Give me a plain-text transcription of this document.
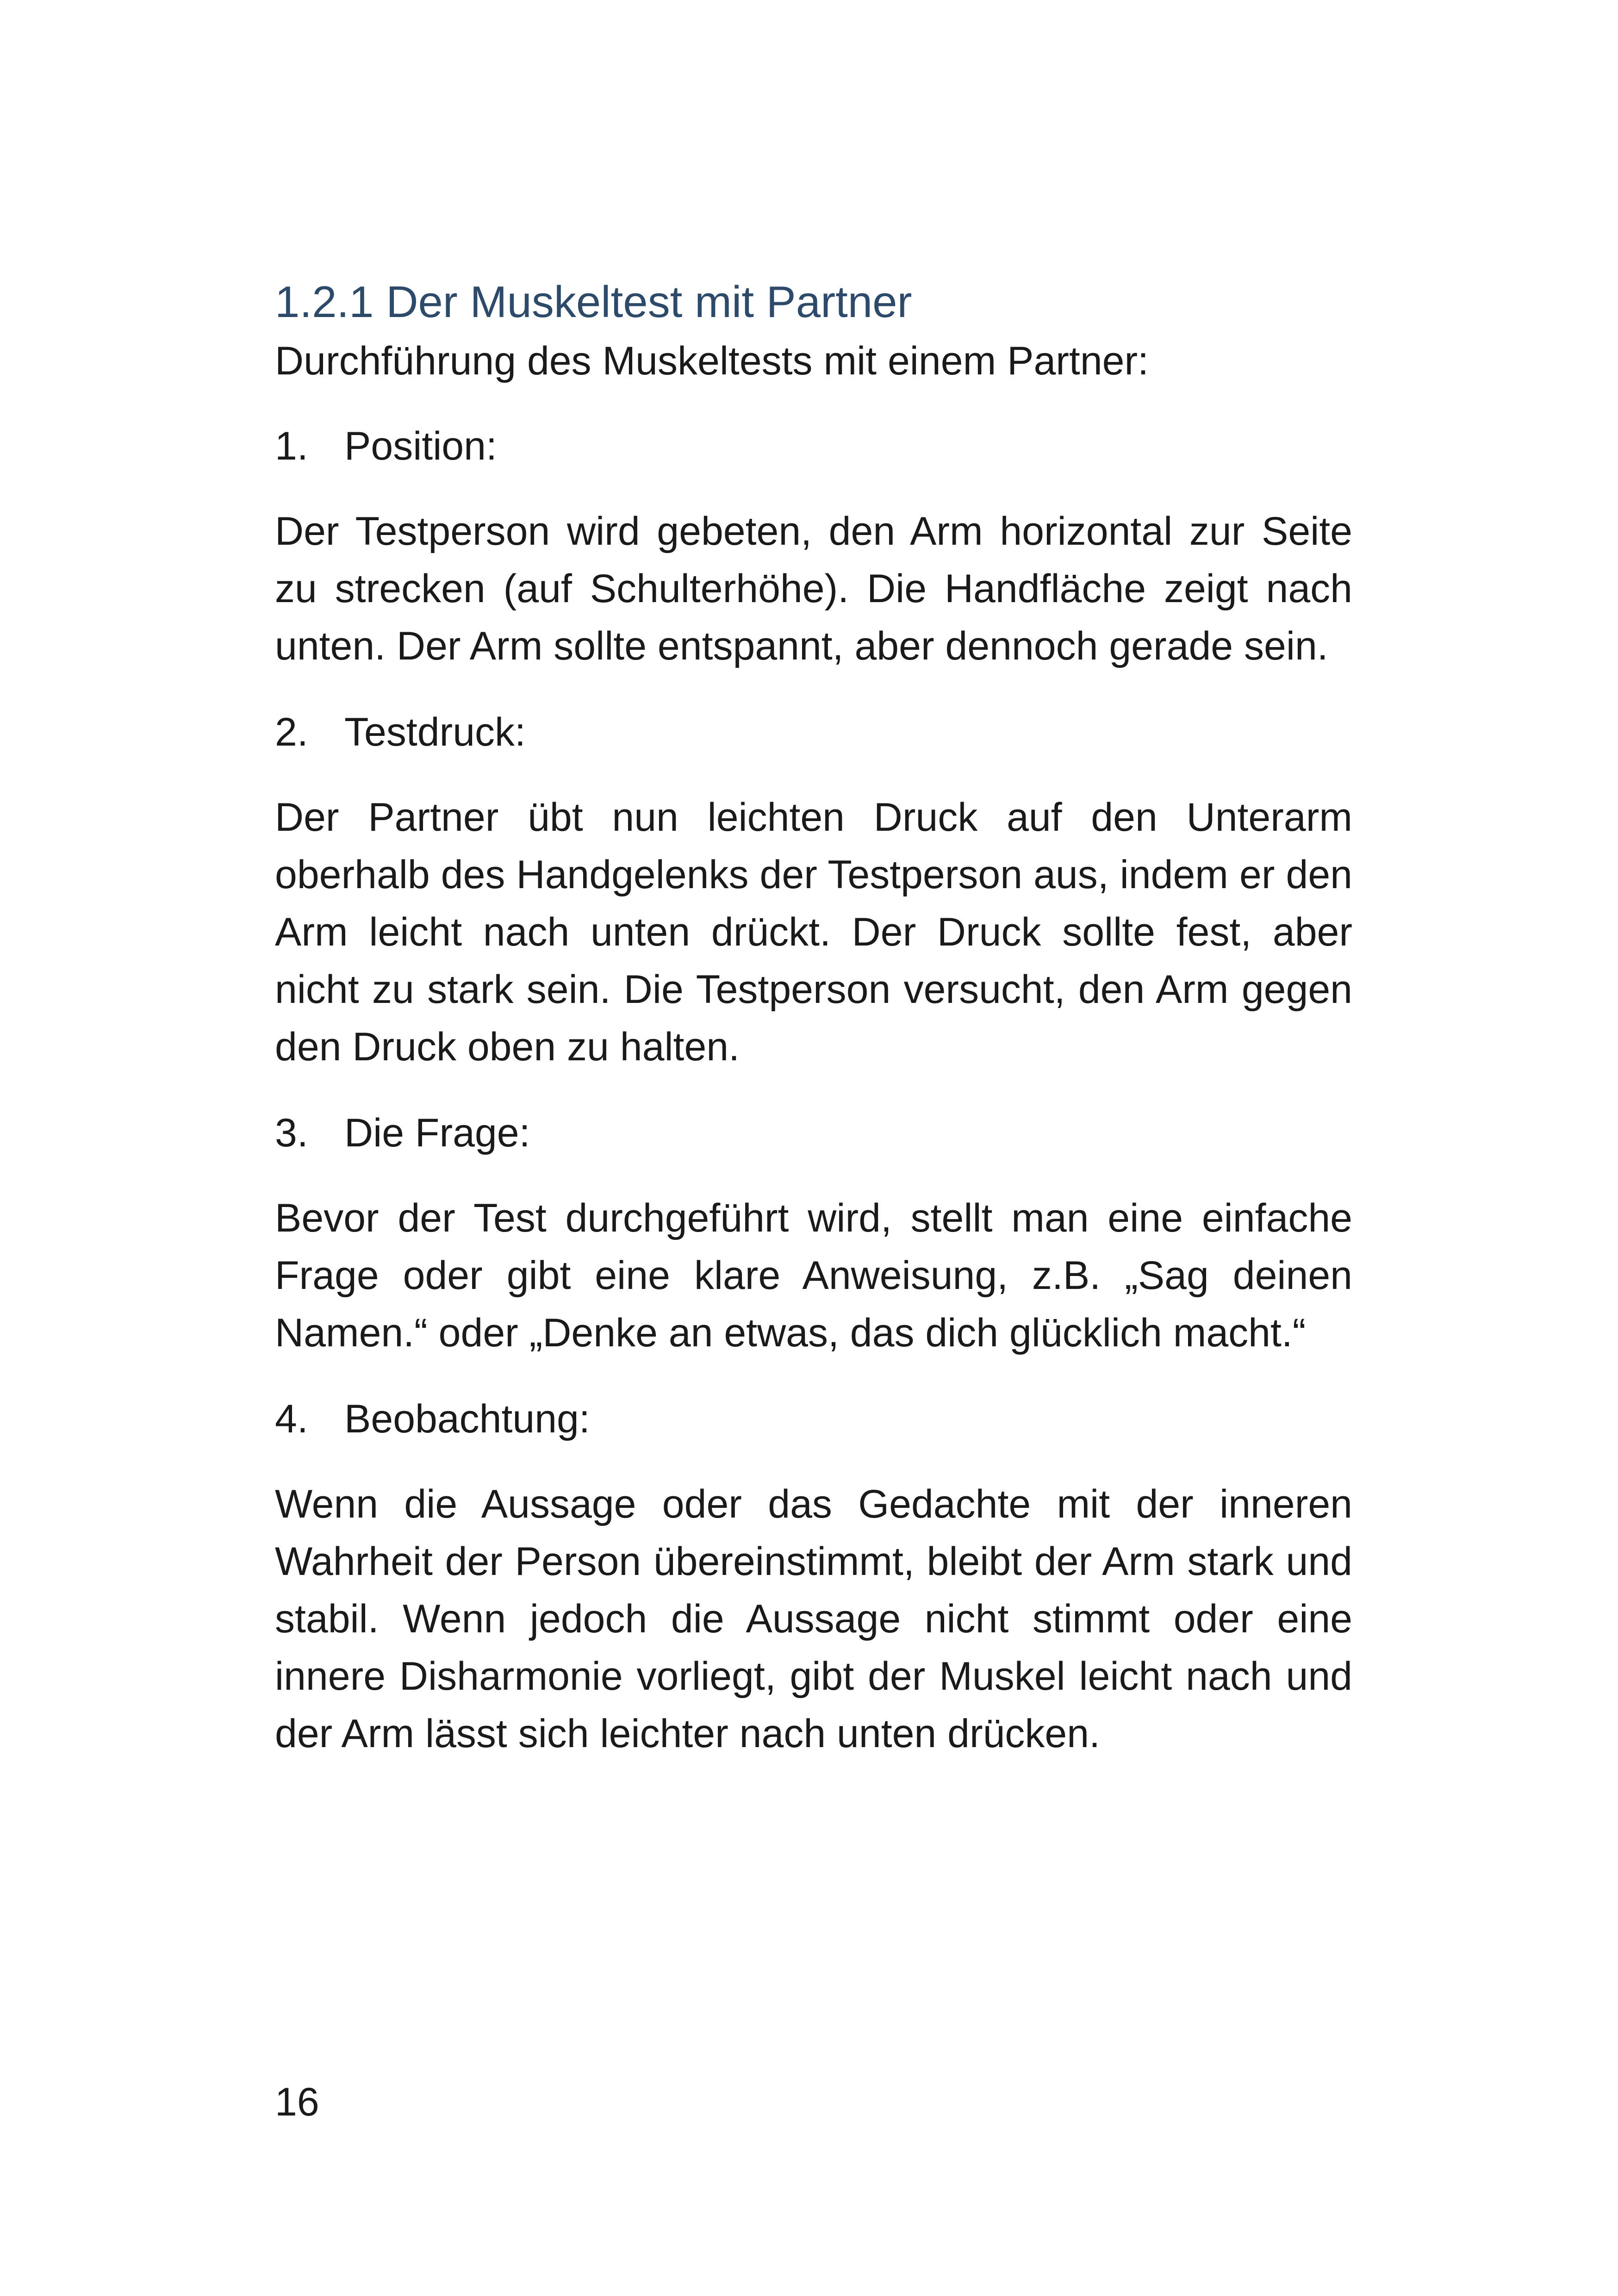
1.2.1 Der Muskeltest mit Partner

Durchführung des Muskeltests mit einem Partner:

1. Position:

Der Testperson wird gebeten, den Arm horizontal zur Seite zu strecken (auf Schulterhöhe). Die Handfläche zeigt nach unten. Der Arm sollte entspannt, aber dennoch gerade sein.

2. Testdruck:

Der Partner übt nun leichten Druck auf den Unterarm oberhalb des Handgelenks der Testperson aus, indem er den Arm leicht nach unten drückt. Der Druck sollte fest, aber nicht zu stark sein. Die Testperson versucht, den Arm gegen den Druck oben zu halten.

3. Die Frage:

Bevor der Test durchgeführt wird, stellt man eine einfache Frage oder gibt eine klare Anweisung, z.B. „Sag deinen Namen.“ oder „Denke an etwas, das dich glücklich macht.“

4. Beobachtung:

Wenn die Aussage oder das Gedachte mit der inneren Wahrheit der Person übereinstimmt, bleibt der Arm stark und stabil. Wenn jedoch die Aussage nicht stimmt oder eine innere Disharmonie vorliegt, gibt der Muskel leicht nach und der Arm lässt sich leichter nach unten drücken.

16
